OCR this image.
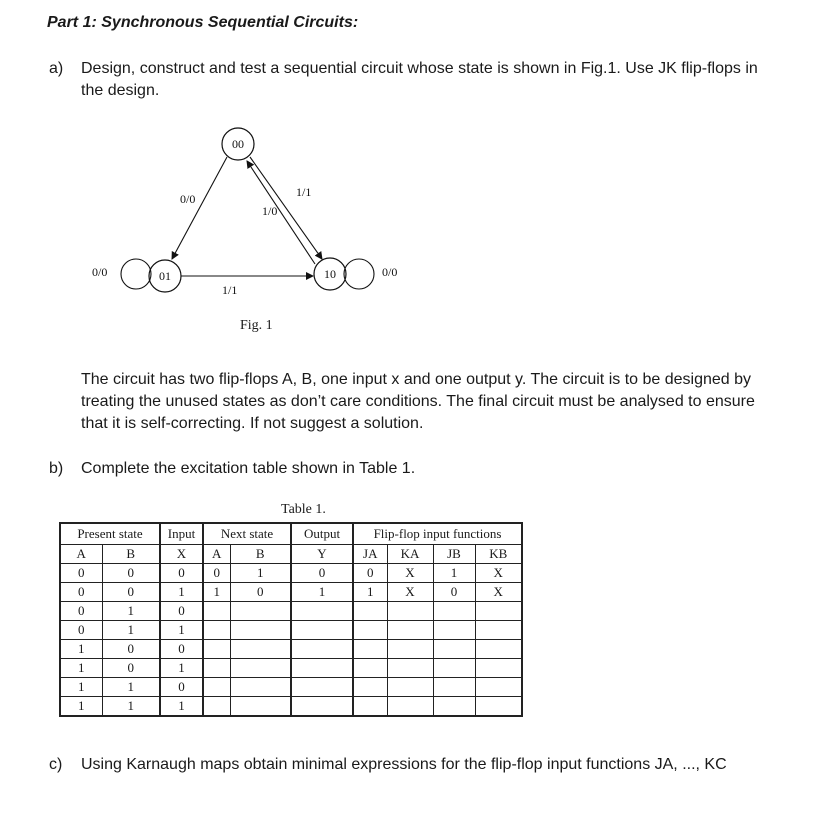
Part 1: Synchronous Sequential Circuits:
a) Design, construct and test a sequential circuit whose state is shown in Fig.1. Use JK flip-flops in
the design.
00
01	10
0/0	1/1
1/0
1/1
0/0	0/0
Fig. 1
The circuit has two flip-flops A, B, one input x and one output y. The circuit is to be designed by
treating the unused states as don’t care conditions. The final circuit must be analysed to ensure
that it is self-correcting. If not suggest a solution.
b) Complete the excitation table shown in Table 1.
Table 1.
Present state		Input	Next state		Output	Flip-flop input functions			
A	B	X	A	B	Y	JA	KA	JB	KB
0	0	0	0	1	0	0	X	1	X
0	0	1	1	0	1	1	X	0	X
0	1	0							
0	1	1							
1	0	0							
1	0	1							
1	1	0							
1	1	1							
c) Using Karnaugh maps obtain minimal expressions for the flip-flop input functions JA, ..., KC
